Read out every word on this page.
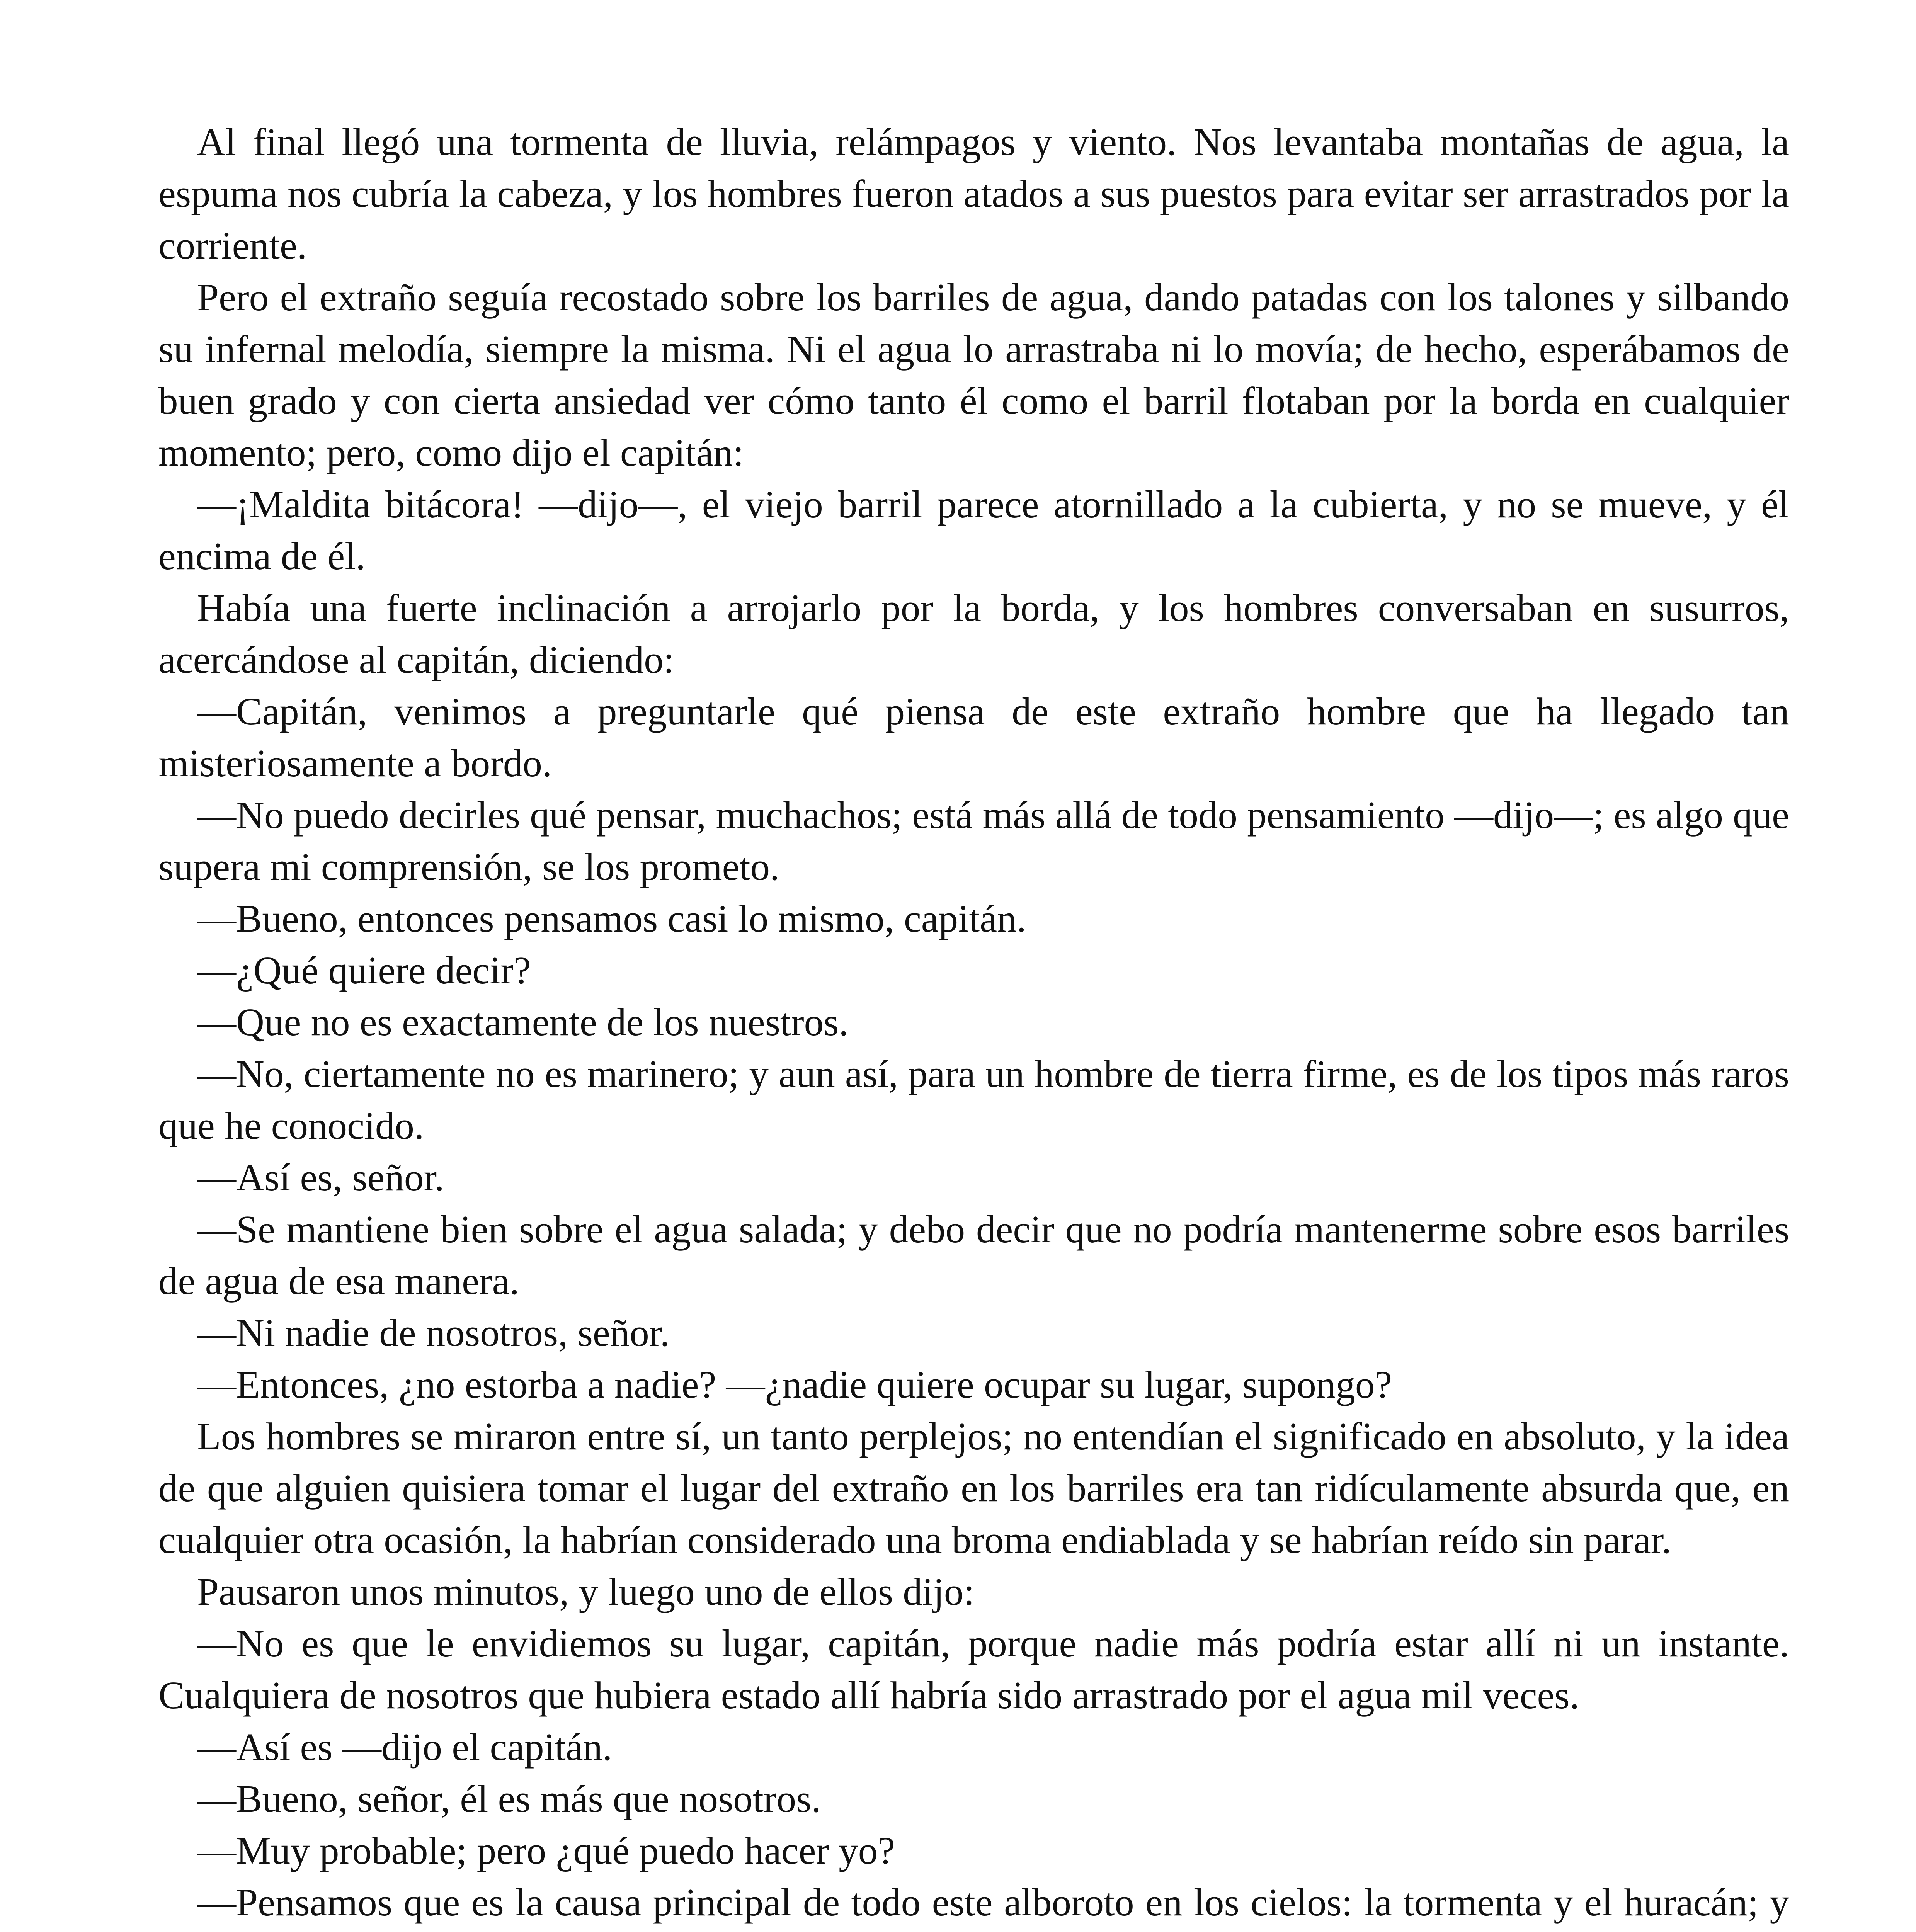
Al final llegó una tormenta de lluvia, relámpagos y viento. Nos levantaba montañas de agua, la espuma nos cubría la cabeza, y los hombres fueron atados a sus puestos para evitar ser arrastrados por la corriente.

Pero el extraño seguía recostado sobre los barriles de agua, dando patadas con los talones y silbando su infernal melodía, siempre la misma. Ni el agua lo arrastraba ni lo movía; de hecho, esperábamos de buen grado y con cierta ansiedad ver cómo tanto él como el barril flotaban por la borda en cualquier momento; pero, como dijo el capitán:

—¡Maldita bitácora! —dijo—, el viejo barril parece atornillado a la cubierta, y no se mueve, y él encima de él.

Había una fuerte inclinación a arrojarlo por la borda, y los hombres conversaban en susurros, acercándose al capitán, diciendo:

—Capitán, venimos a preguntarle qué piensa de este extraño hombre que ha llegado tan misteriosamente a bordo.

—No puedo decirles qué pensar, muchachos; está más allá de todo pensamiento —dijo—; es algo que supera mi comprensión, se los prometo.

—Bueno, entonces pensamos casi lo mismo, capitán.

—¿Qué quiere decir?

—Que no es exactamente de los nuestros.

—No, ciertamente no es marinero; y aun así, para un hombre de tierra firme, es de los tipos más raros que he conocido.

—Así es, señor.

—Se mantiene bien sobre el agua salada; y debo decir que no podría mantenerme sobre esos barriles de agua de esa manera.

—Ni nadie de nosotros, señor.

—Entonces, ¿no estorba a nadie? —¿nadie quiere ocupar su lugar, supongo?

Los hombres se miraron entre sí, un tanto perplejos; no entendían el significado en absoluto, y la idea de que alguien quisiera tomar el lugar del extraño en los barriles era tan ridículamente absurda que, en cualquier otra ocasión, la habrían considerado una broma endiablada y se habrían reído sin parar.

Pausaron unos minutos, y luego uno de ellos dijo:

—No es que le envidiemos su lugar, capitán, porque nadie más podría estar allí ni un instante. Cualquiera de nosotros que hubiera estado allí habría sido arrastrado por el agua mil veces.

—Así es —dijo el capitán.

—Bueno, señor, él es más que nosotros.

—Muy probable; pero ¿qué puedo hacer yo?

—Pensamos que es la causa principal de todo este alboroto en los cielos: la tormenta y el huracán; y
